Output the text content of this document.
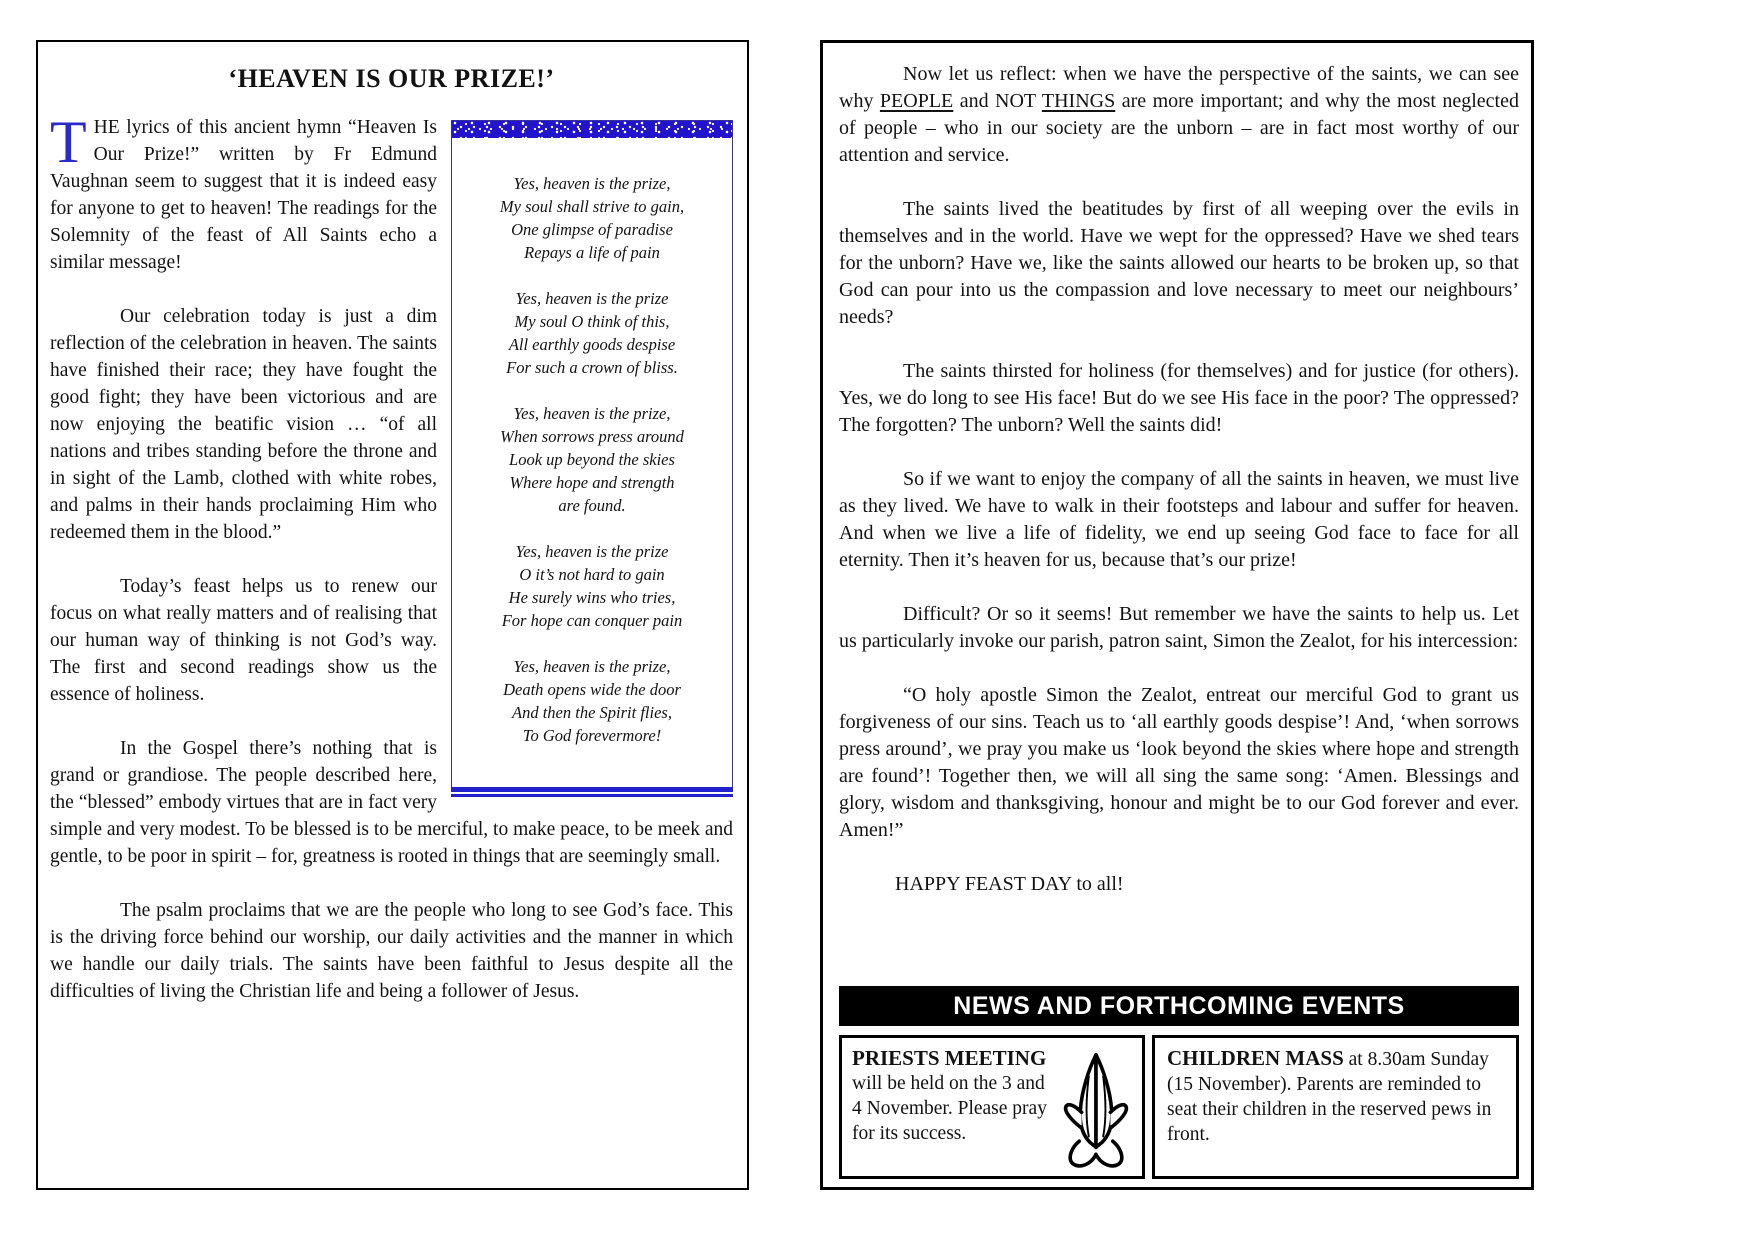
‘HEAVEN IS OUR PRIZE!’
Yes, heaven is the prize,
My soul shall strive to gain,
One glimpse of paradise
Repays a life of pain
Yes, heaven is the prize
My soul O think of this,
All earthly goods despise
For such a crown of bliss.
Yes, heaven is the prize,
When sorrows press around
Look up beyond the skies
Where hope and strength
are found.
Yes, heaven is the prize
O it’s not hard to gain
He surely wins who tries,
For hope can conquer pain
Yes, heaven is the prize,
Death opens wide the door
And then the Spirit flies,
To God forevermore!

THE lyrics of this ancient hymn “Heaven Is Our Prize!” written by Fr Edmund Vaughnan seem to suggest that it is indeed easy for anyone to get to heaven! The readings for the Solemnity of the feast of All Saints echo a similar message!

Our celebration today is just a dim reflection of the celebration in heaven. The saints have finished their race; they have fought the good fight; they have been victorious and are now enjoying the beatific vision … “of all nations and tribes standing before the throne and in sight of the Lamb, clothed with white robes, and palms in their hands proclaiming Him who redeemed them in the blood.”

Today’s feast helps us to renew our focus on what really matters and of realising that our human way of thinking is not God’s way. The first and second readings show us the essence of holiness.

In the Gospel there’s nothing that is grand or grandiose. The people described here, the “blessed” embody virtues that are in fact very simple and very modest. To be blessed is to be merciful, to make peace, to be meek and gentle, to be poor in spirit – for, greatness is rooted in things that are seemingly small.

The psalm proclaims that we are the people who long to see God’s face. This is the driving force behind our worship, our daily activities and the manner in which we handle our daily trials. The saints have been faithful to Jesus despite all the difficulties of living the Christian life and being a follower of Jesus.

Now let us reflect: when we have the perspective of the saints, we can see why PEOPLE and NOT THINGS are more important; and why the most neglected of people – who in our society are the unborn – are in fact most worthy of our attention and service.

The saints lived the beatitudes by first of all weeping over the evils in themselves and in the world. Have we wept for the oppressed? Have we shed tears for the unborn? Have we, like the saints allowed our hearts to be broken up, so that God can pour into us the compassion and love necessary to meet our neighbours’ needs?

The saints thirsted for holiness (for themselves) and for justice (for others). Yes, we do long to see His face! But do we see His face in the poor? The oppressed? The forgotten? The unborn? Well the saints did!

So if we want to enjoy the company of all the saints in heaven, we must live as they lived. We have to walk in their footsteps and labour and suffer for heaven. And when we live a life of fidelity, we end up seeing God face to face for all eternity. Then it’s heaven for us, because that’s our prize!

Difficult? Or so it seems! But remember we have the saints to help us. Let us particularly invoke our parish, patron saint, Simon the Zealot, for his intercession:

“O holy apostle Simon the Zealot, entreat our merciful God to grant us forgiveness of our sins. Teach us to ‘all earthly goods despise’! And, ‘when sorrows press around’, we pray you make us ‘look beyond the skies where hope and strength are found’! Together then, we will all sing the same song: ‘Amen. Blessings and glory, wisdom and thanksgiving, honour and might be to our God forever and ever. Amen!”

HAPPY FEAST DAY to all!

NEWS AND FORTHCOMING EVENTS
PRIESTS MEETING
will be held on the 3 and 4 November. Please pray for its success.

CHILDREN MASS at 8.30am Sunday (15 November). Parents are reminded to seat their children in the reserved pews in front.
